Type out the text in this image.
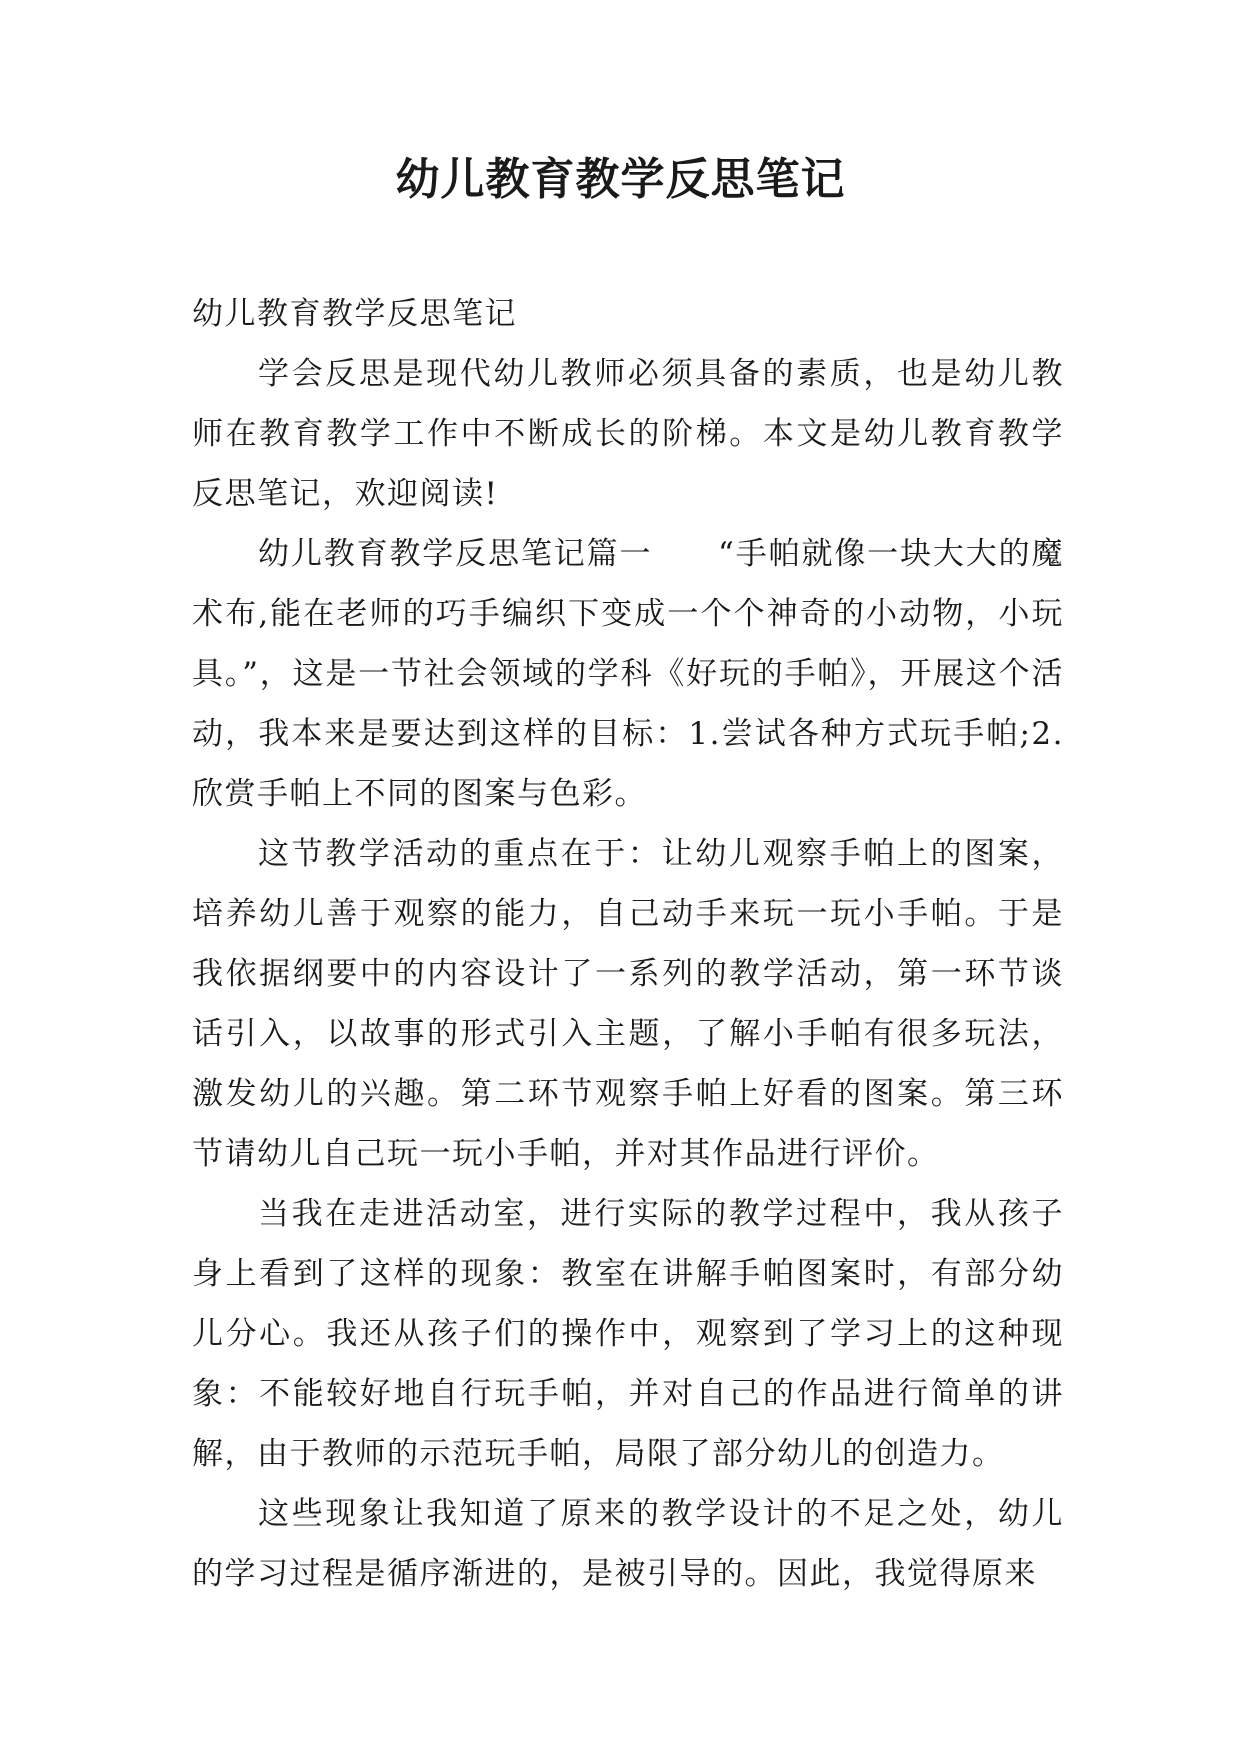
幼儿教育教学反思笔记

幼儿教育教学反思笔记

学会反思是现代幼儿教师必须具备的素质，也是幼儿教师在教育教学工作中不断成长的阶梯。本文是幼儿教育教学反思笔记，欢迎阅读!

幼儿教育教学反思笔记篇一　　“手帕就像一块大大的魔术布,能在老师的巧手编织下变成一个个神奇的小动物，小玩具。”，这是一节社会领域的学科《好玩的手帕》，开展这个活动，我本来是要达到这样的目标：1.尝试各种方式玩手帕;2.欣赏手帕上不同的图案与色彩。

这节教学活动的重点在于：让幼儿观察手帕上的图案，培养幼儿善于观察的能力，自己动手来玩一玩小手帕。于是我依据纲要中的内容设计了一系列的教学活动，第一环节谈话引入，以故事的形式引入主题，了解小手帕有很多玩法，激发幼儿的兴趣。第二环节观察手帕上好看的图案。第三环节请幼儿自己玩一玩小手帕，并对其作品进行评价。

当我在走进活动室，进行实际的教学过程中，我从孩子身上看到了这样的现象：教室在讲解手帕图案时，有部分幼儿分心。我还从孩子们的操作中，观察到了学习上的这种现象：不能较好地自行玩手帕，并对自己的作品进行简单的讲解，由于教师的示范玩手帕，局限了部分幼儿的创造力。

这些现象让我知道了原来的教学设计的不足之处，幼儿的学习过程是循序渐进的，是被引导的。因此，我觉得原来
